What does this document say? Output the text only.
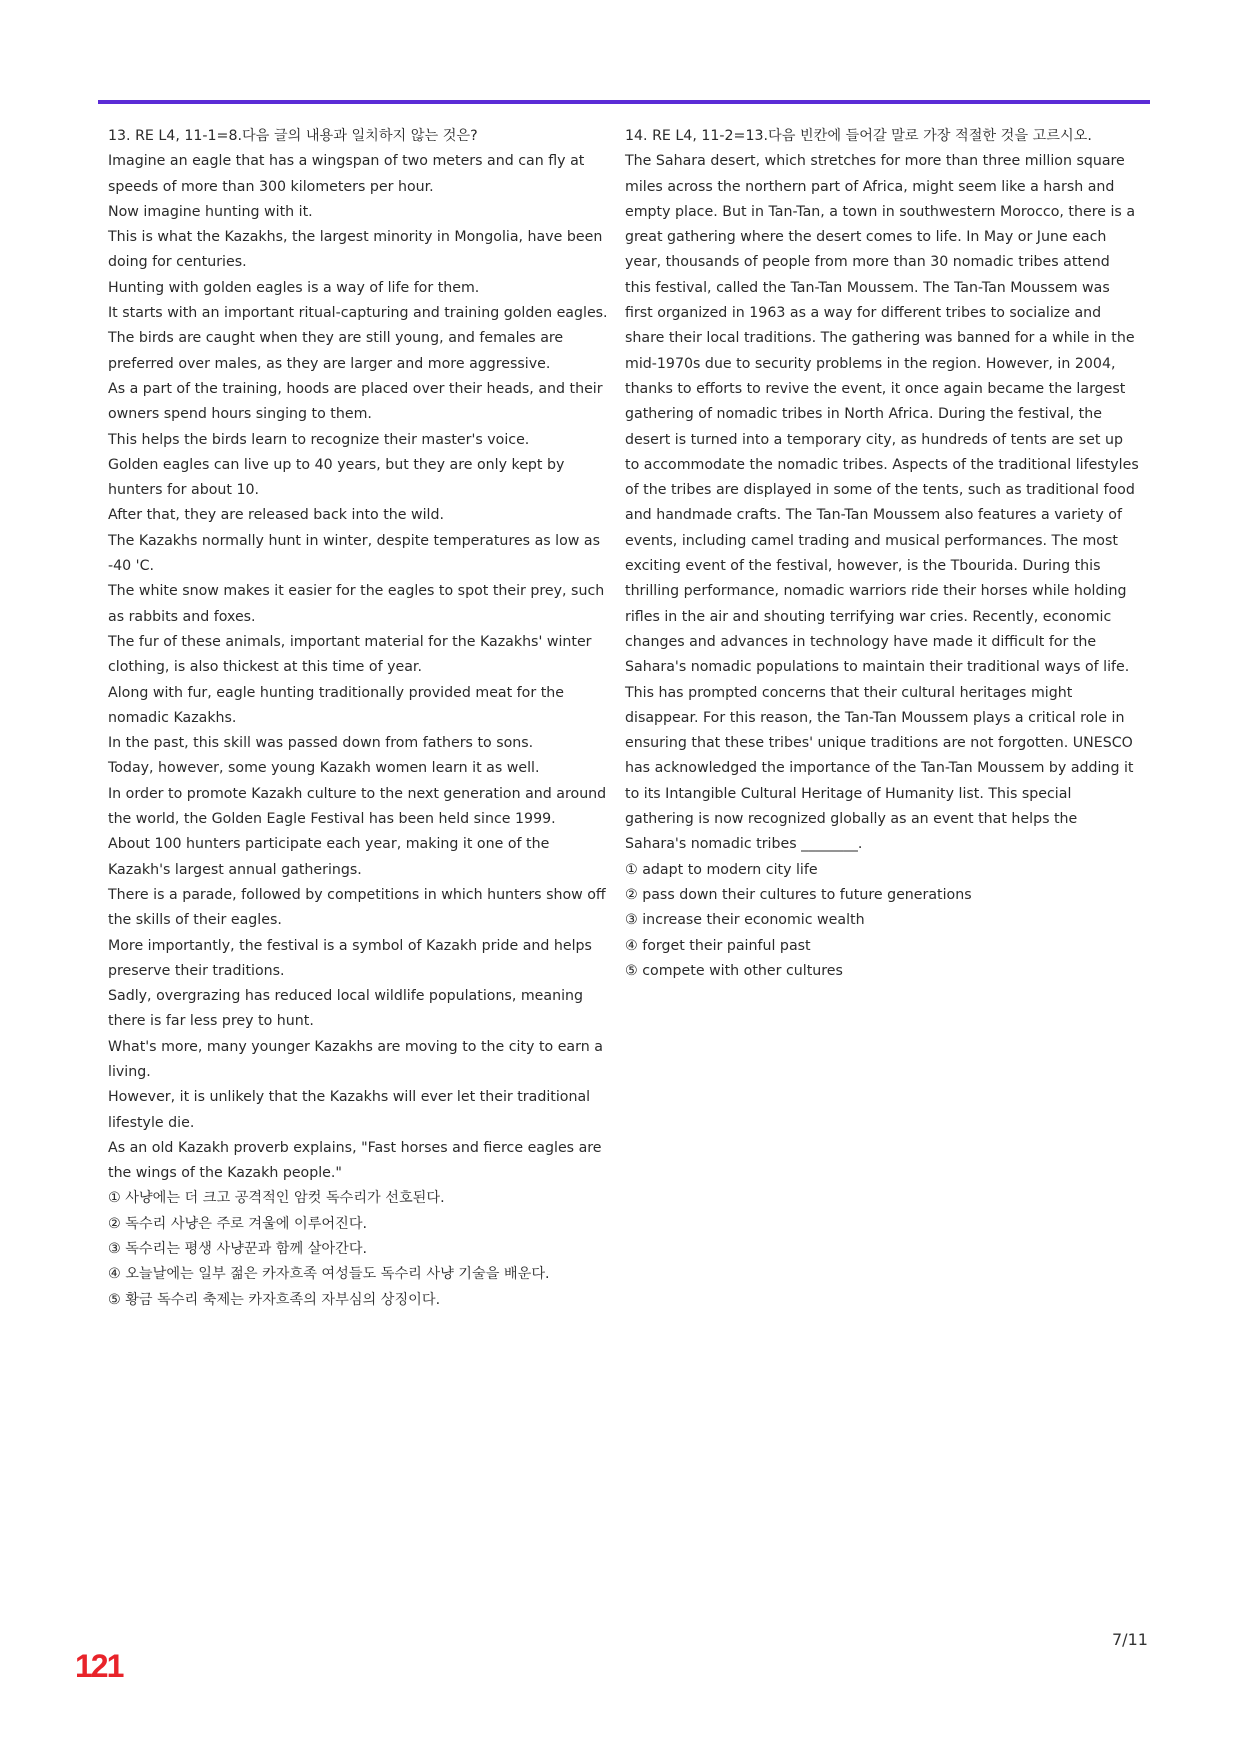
13. RE L4, 11-1=8.다음 글의 내용과 일치하지 않는 것은?

Imagine an eagle that has a wingspan of two meters and can fly at speeds of more than 300 kilometers per hour.

Now imagine hunting with it.

This is what the Kazakhs, the largest minority in Mongolia, have been doing for centuries.

Hunting with golden eagles is a way of life for them.

It starts with an important ritual-capturing and training golden eagles.

The birds are caught when they are still young, and females are preferred over males, as they are larger and more aggressive.

As a part of the training, hoods are placed over their heads, and their owners spend hours singing to them.

This helps the birds learn to recognize their master's voice.

Golden eagles can live up to 40 years, but they are only kept by hunters for about 10.

After that, they are released back into the wild.

The Kazakhs normally hunt in winter, despite temperatures as low as -40 'C.

The white snow makes it easier for the eagles to spot their prey, such as rabbits and foxes.

The fur of these animals, important material for the Kazakhs' winter clothing, is also thickest at this time of year.

Along with fur, eagle hunting traditionally provided meat for the nomadic Kazakhs.

In the past, this skill was passed down from fathers to sons.

Today, however, some young Kazakh women learn it as well.

In order to promote Kazakh culture to the next generation and around the world, the Golden Eagle Festival has been held since 1999.

About 100 hunters participate each year, making it one of the Kazakh's largest annual gatherings.

There is a parade, followed by competitions in which hunters show off the skills of their eagles.

More importantly, the festival is a symbol of Kazakh pride and helps preserve their traditions.

Sadly, overgrazing has reduced local wildlife populations, meaning there is far less prey to hunt.

What's more, many younger Kazakhs are moving to the city to earn a living.

However, it is unlikely that the Kazakhs will ever let their traditional lifestyle die.

As an old Kazakh proverb explains, "Fast horses and fierce eagles are the wings of the Kazakh people."

① 사냥에는 더 크고 공격적인 암컷 독수리가 선호된다.

② 독수리 사냥은 주로 겨울에 이루어진다.

③ 독수리는 평생 사냥꾼과 함께 살아간다.

④ 오늘날에는 일부 젊은 카자흐족 여성들도 독수리 사냥 기술을 배운다.

⑤ 황금 독수리 축제는 카자흐족의 자부심의 상징이다.

14. RE L4, 11-2=13.다음 빈칸에 들어갈 말로 가장 적절한 것을 고르시오.

The Sahara desert, which stretches for more than three million square miles across the northern part of Africa, might seem like a harsh and empty place. But in Tan-Tan, a town in southwestern Morocco, there is a great gathering where the desert comes to life. In May or June each year, thousands of people from more than 30 nomadic tribes attend this festival, called the Tan-Tan Moussem. The Tan-Tan Moussem was first organized in 1963 as a way for different tribes to socialize and share their local traditions. The gathering was banned for a while in the mid-1970s due to security problems in the region. However, in 2004, thanks to efforts to revive the event, it once again became the largest gathering of nomadic tribes in North Africa. During the festival, the desert is turned into a temporary city, as hundreds of tents are set up to accommodate the nomadic tribes. Aspects of the traditional lifestyles of the tribes are displayed in some of the tents, such as traditional food and handmade crafts. The Tan-Tan Moussem also features a variety of events, including camel trading and musical performances. The most exciting event of the festival, however, is the Tbourida. During this thrilling performance, nomadic warriors ride their horses while holding rifles in the air and shouting terrifying war cries. Recently, economic changes and advances in technology have made it difficult for the Sahara's nomadic populations to maintain their traditional ways of life. This has prompted concerns that their cultural heritages might disappear. For this reason, the Tan-Tan Moussem plays a critical role in ensuring that these tribes' unique traditions are not forgotten. UNESCO has acknowledged the importance of the Tan-Tan Moussem by adding it to its Intangible Cultural Heritage of Humanity list. This special gathering is now recognized globally as an event that helps the Sahara's nomadic tribes ________.

① adapt to modern city life

② pass down their cultures to future generations

③ increase their economic wealth

④ forget their painful past

⑤ compete with other cultures

7/11
121
